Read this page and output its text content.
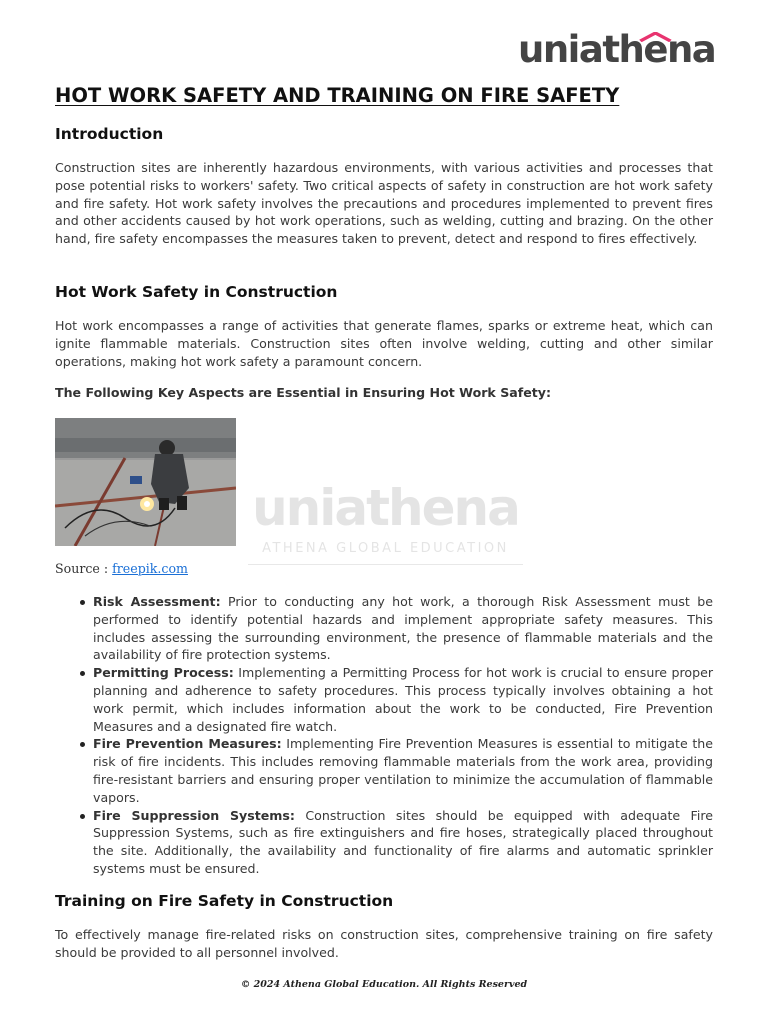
uni
athena
HOT WORK SAFETY AND TRAINING ON FIRE SAFETY
Introduction

Construction sites are inherently hazardous environments, with various activities and processes that pose potential risks to workers' safety. Two critical aspects of safety in construction are hot work safety and fire safety. Hot work safety involves the precautions and procedures implemented to prevent fires and other accidents caused by hot work operations, such as welding, cutting and brazing. On the other hand, fire safety encompasses the measures taken to prevent, detect and respond to fires effectively.

Hot Work Safety in Construction

Hot work encompasses a range of activities that generate flames, sparks or extreme heat, which can ignite flammable materials. Construction sites often involve welding, cutting and other similar operations, making hot work safety a paramount concern.

The Following Key Aspects are Essential in Ensuring Hot Work Safety:

uniathena
ATHENA GLOBAL EDUCATION
Source : freepik.com
Risk Assessment: Prior to conducting any hot work, a thorough Risk Assessment must be performed to identify potential hazards and implement appropriate safety measures. This includes assessing the surrounding environment, the presence of flammable materials and the availability of fire protection systems.
Permitting Process: Implementing a Permitting Process for hot work is crucial to ensure proper planning and adherence to safety procedures. This process typically involves obtaining a hot work permit, which includes information about the work to be conducted, Fire Prevention Measures and a designated fire watch.
Fire Prevention Measures: Implementing Fire Prevention Measures is essential to mitigate the risk of fire incidents. This includes removing flammable materials from the work area, providing fire-resistant barriers and ensuring proper ventilation to minimize the accumulation of flammable vapors.
Fire Suppression Systems: Construction sites should be equipped with adequate Fire Suppression Systems, such as fire extinguishers and fire hoses, strategically placed throughout the site. Additionally, the availability and functionality of fire alarms and automatic sprinkler systems must be ensured.
Training on Fire Safety in Construction

To effectively manage fire-related risks on construction sites, comprehensive training on fire safety should be provided to all personnel involved.

© 2024 Athena Global Education. All Rights Reserved
